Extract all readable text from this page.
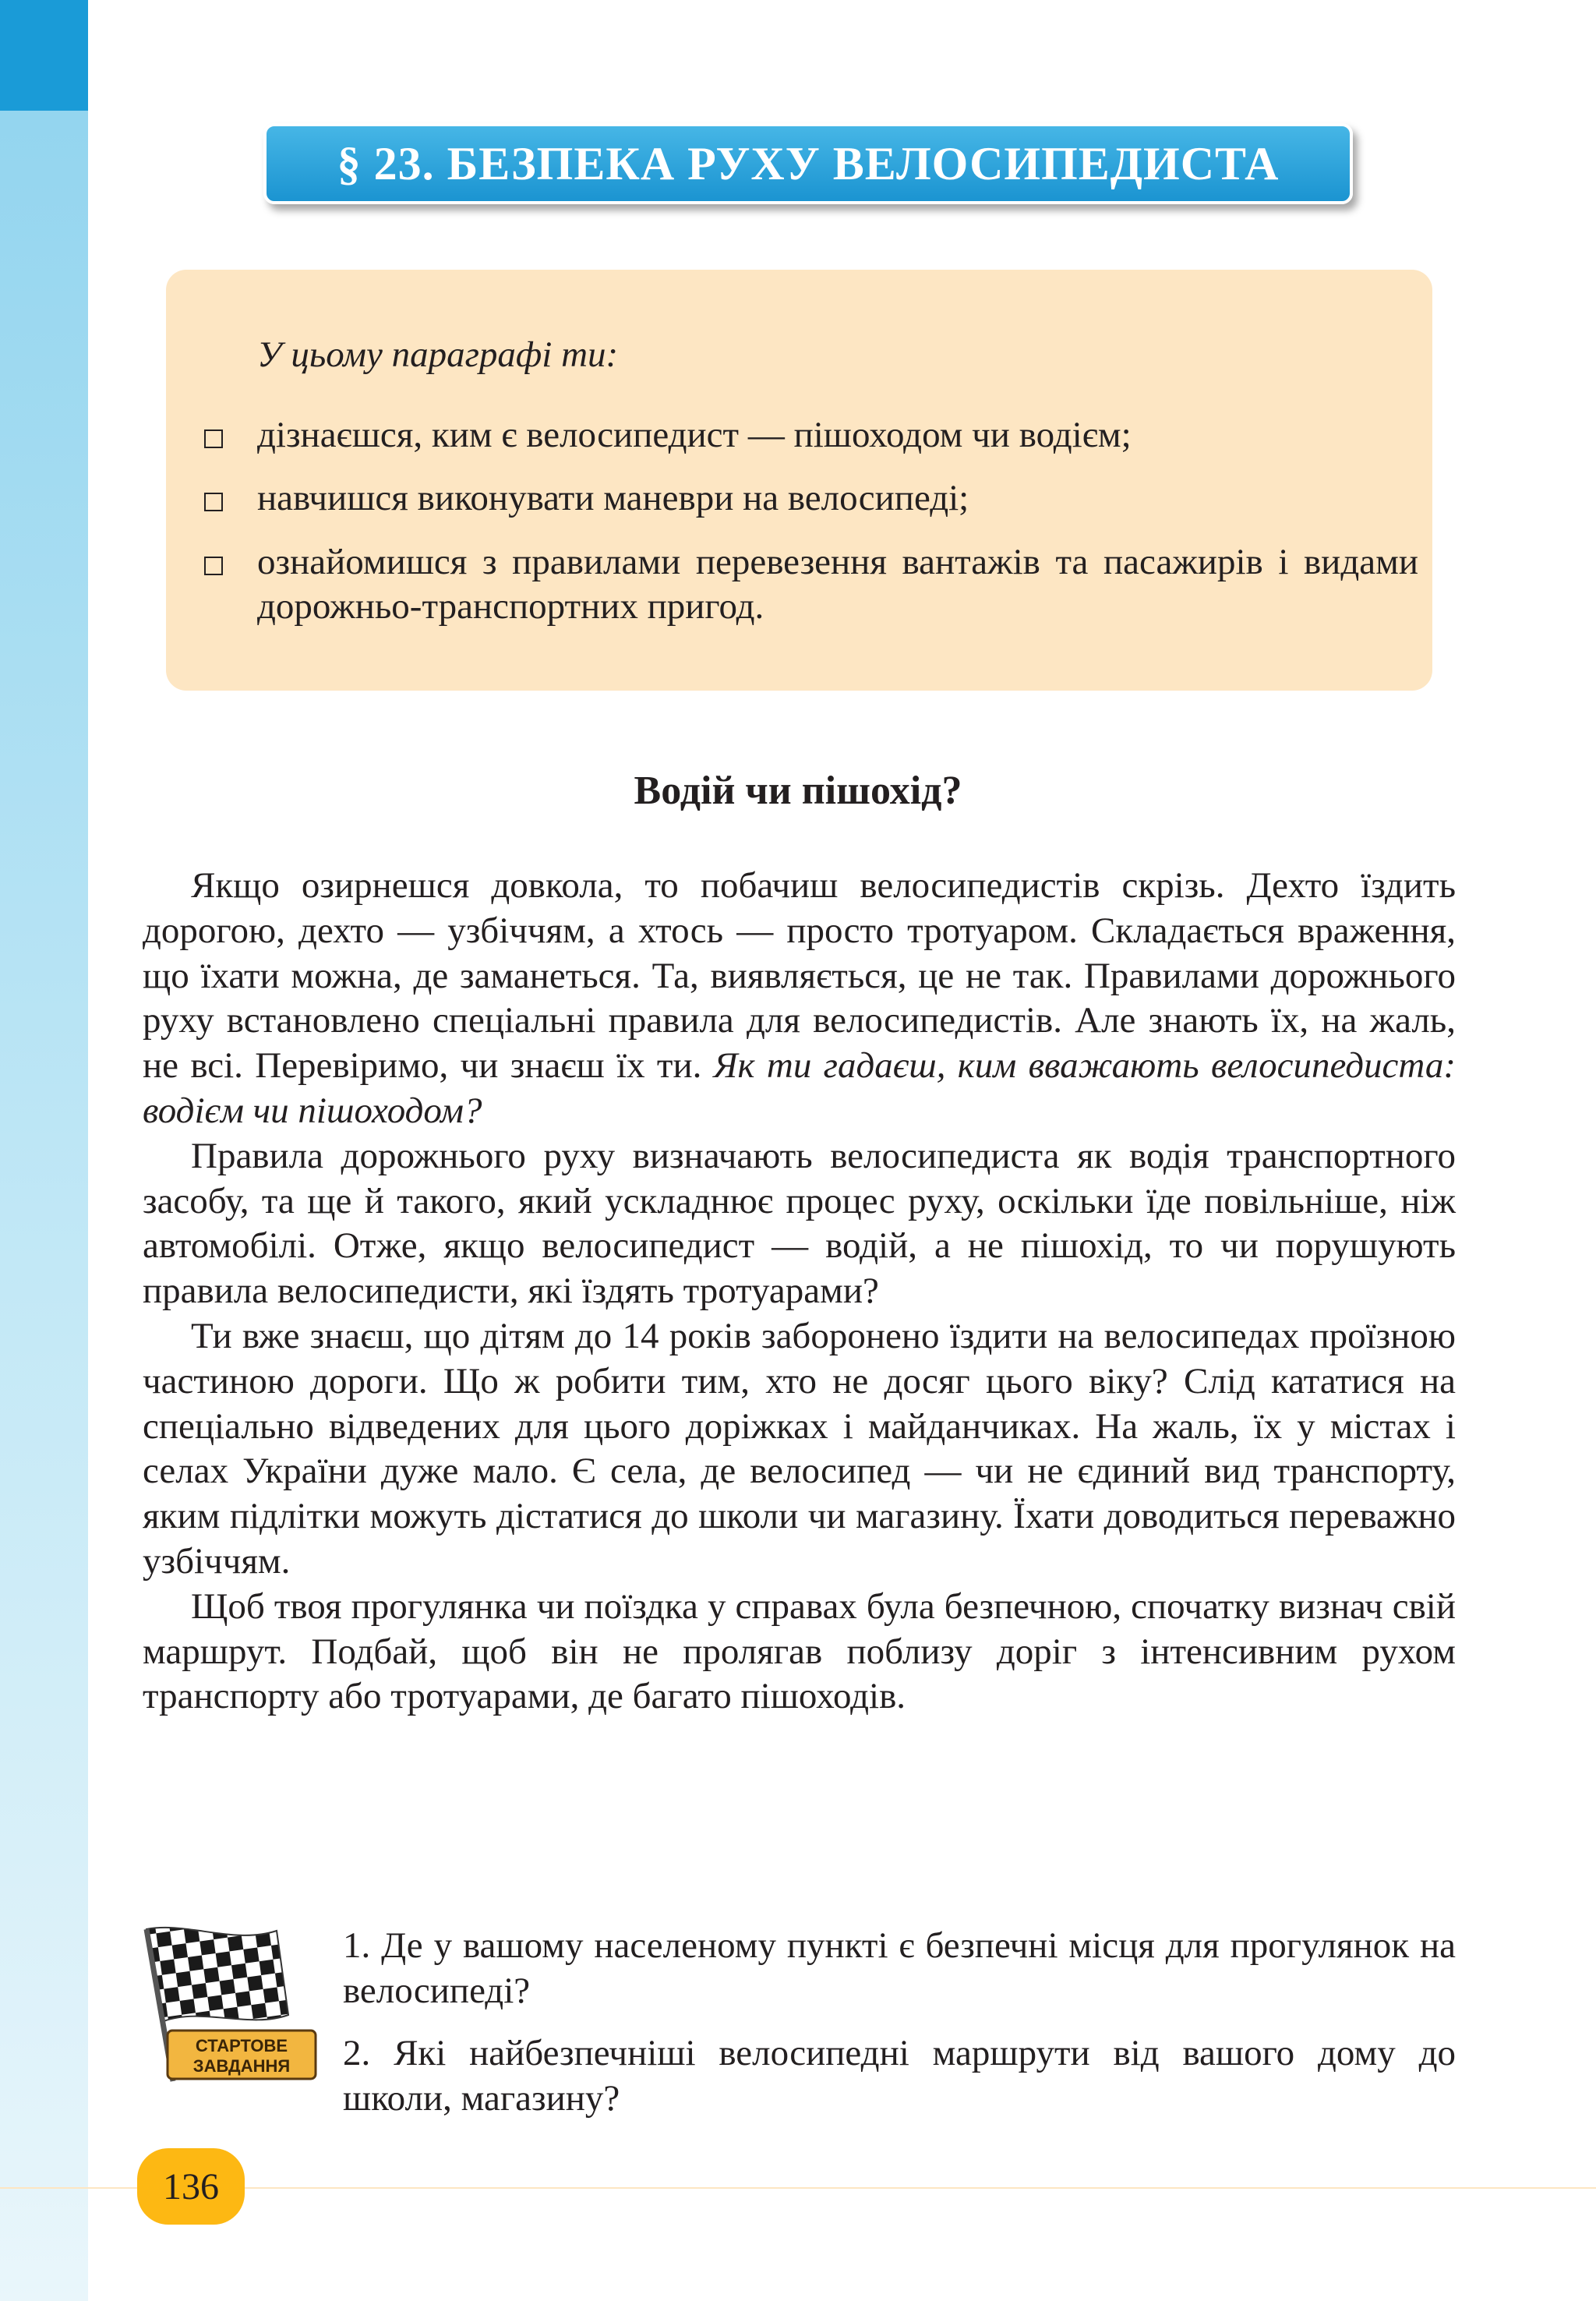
§ 23. БЕЗПЕКА РУХУ ВЕЛОСИПЕДИСТА
У цьому параграфі ти:
дізнаєшся, ким є велосипедист — пішоходом чи водієм;
навчишся виконувати маневри на велосипеді;
ознайомишся з правилами перевезення вантажів та пасажирів і видами дорожньо-транспортних пригод.
Водій чи пішохід?

Якщо озирнешся довкола, то побачиш велосипедистів скрізь. Дехто їздить дорогою, дехто — узбіччям, а хтось — просто тротуаром. Складається враження, що їхати можна, де заманеться. Та, виявляється, це не так. Правилами дорожнього руху встановлено спеціальні правила для велосипедистів. Але знають їх, на жаль, не всі. Перевіримо, чи знаєш їх ти. Як ти гадаєш, ким вважають велосипедиста: водієм чи пішоходом?

Правила дорожнього руху визначають велосипедиста як водія транспортного засобу, та ще й такого, який ускладнює процес руху, оскільки їде повільніше, ніж автомобілі. Отже, якщо велосипедист — водій, а не пішохід, то чи порушують правила велосипедисти, які їздять тротуарами?

Ти вже знаєш, що дітям до 14 років заборонено їздити на велосипедах проїзною частиною дороги. Що ж робити тим, хто не досяг цього віку? Слід кататися на спеціально відведених для цього доріжках і майданчиках. На жаль, їх у містах і селах України дуже мало. Є села, де велосипед — чи не єдиний вид транспорту, яким підлітки можуть дістатися до школи чи магазину. Їхати доводиться переважно узбіччям.

Щоб твоя прогулянка чи поїздка у справах була безпечною, спочатку визнач свій маршрут. Подбай, щоб він не пролягав поблизу доріг з інтенсивним рухом транспорту або тротуарами, де багато пішоходів.

СТАРТОВЕ
ЗАВДАННЯ
1. Де у вашому населеному пункті є безпечні місця для прогулянок на велосипеді?
2. Які найбезпечніші велосипедні маршрути від вашого дому до школи, магазину?
136
